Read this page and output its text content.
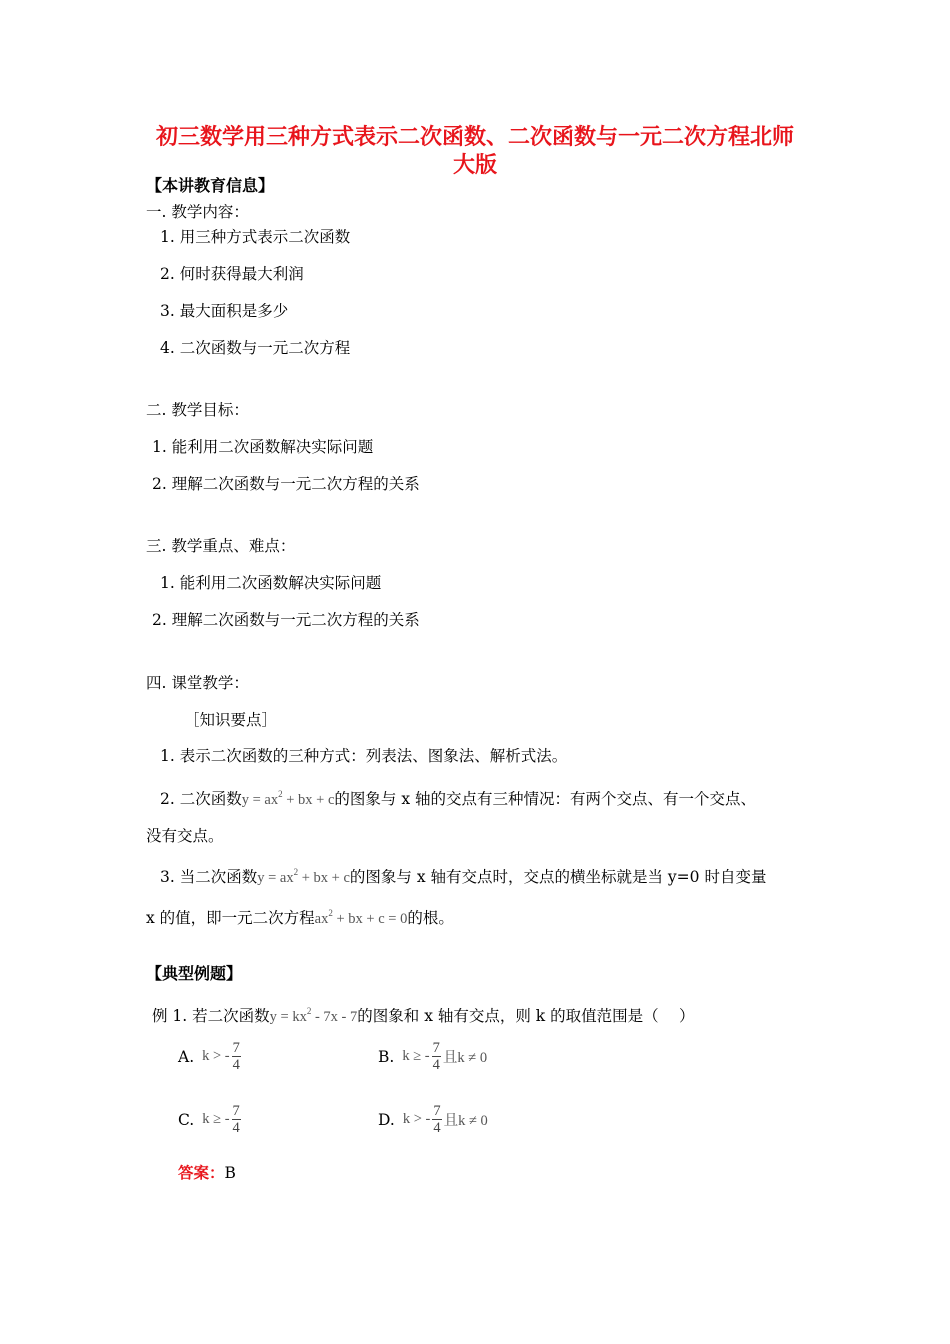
初三数学用三种方式表示二次函数、二次函数与一元二次方程北师
大版
【本讲教育信息】
一. 教学内容：
1. 用三种方式表示二次函数
2. 何时获得最大利润
3. 最大面积是多少
4. 二次函数与一元二次方程
二. 教学目标：
1. 能利用二次函数解决实际问题
2. 理解二次函数与一元二次方程的关系
三. 教学重点、难点：
1. 能利用二次函数解决实际问题
2. 理解二次函数与一元二次方程的关系
四. 课堂教学：
［知识要点］
1. 表示二次函数的三种方式：列表法、图象法、解析式法。
2. 二次函数$y = ax^2$ + bx + c的图象与 x 轴的交点有三种情况：有两个交点、有一个交点、
没有交点。
3. 当二次函数$y = ax^2$ + bx + c的图象与 x 轴有交点时，交点的横坐标就是当 y=0 时自变量
x 的值，即一元二次方程$ax^2$ + bx + c = 0的根。
【典型例题】
例 1. 若二次函数$y = kx^2 - 7x - 7$的图象和 x 轴有交点，则 k 的取值范围是（　 ）
A. k > - $\frac{7}{4}$	B. k ≥ - $\frac{7}{4}$ 且k ≠ 0
C. k ≥ - $\frac{7}{4}$	D. k > - $\frac{7}{4}$ 且k ≠ 0
答案：B
